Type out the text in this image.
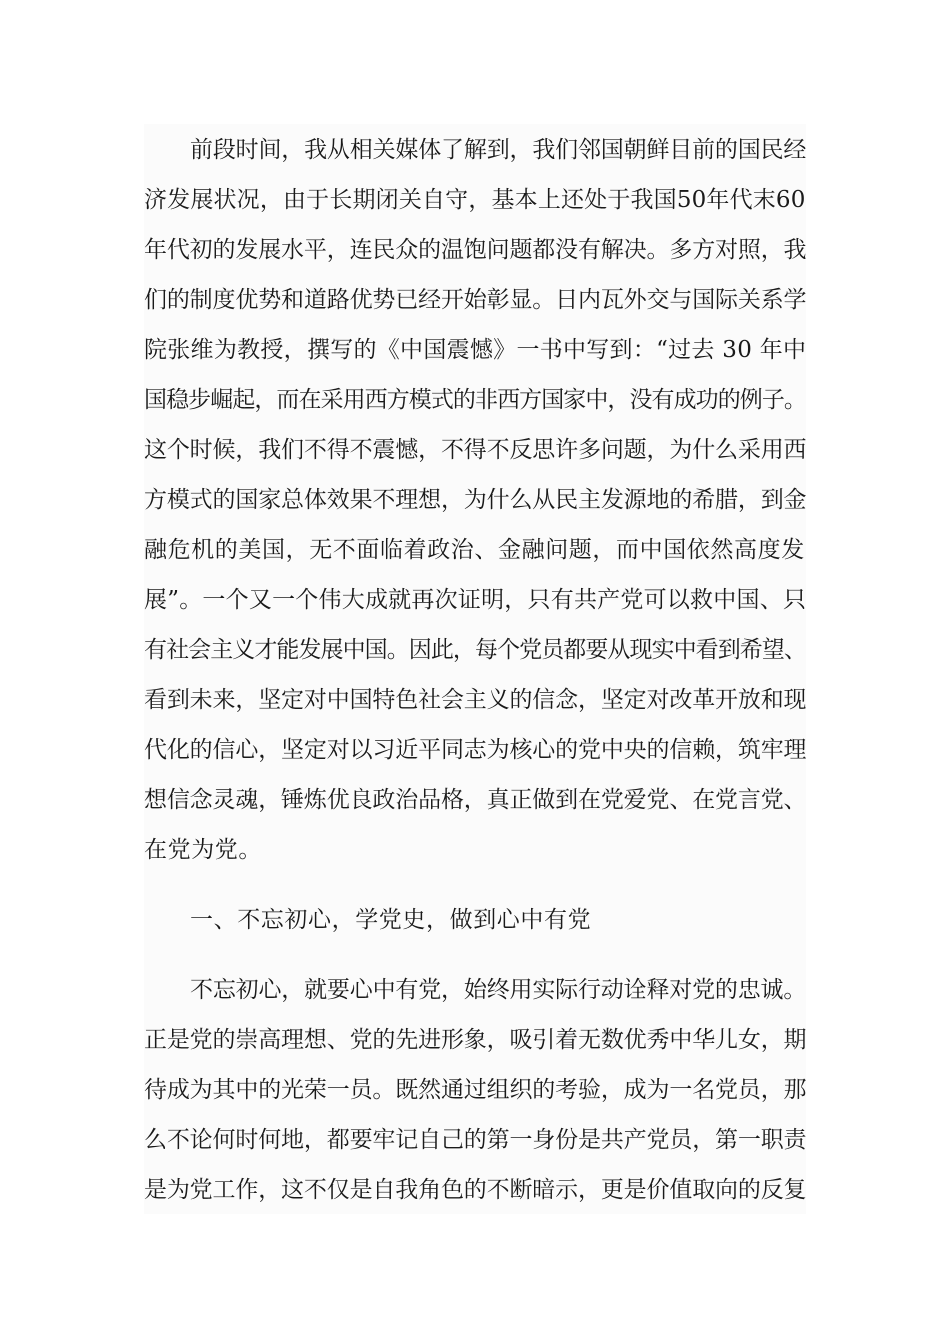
前段时间，我从相关媒体了解到，我们邻国朝鲜目前的国民经
济发展状况，由于长期闭关自守，基本上还处于我国50年代末60
年代初的发展水平，连民众的温饱问题都没有解决。多方对照，我
们的制度优势和道路优势已经开始彰显。日内瓦外交与国际关系学
院张维为教授，撰写的《中国震憾》一书中写到：“过去 30 年中
国稳步崛起，而在采用西方模式的非西方国家中，没有成功的例子。
这个时候，我们不得不震憾，不得不反思许多问题，为什么采用西
方模式的国家总体效果不理想，为什么从民主发源地的希腊，到金
融危机的美国，无不面临着政治、金融问题，而中国依然高度发
展”。一个又一个伟大成就再次证明，只有共产党可以救中国、只
有社会主义才能发展中国。因此，每个党员都要从现实中看到希望、
看到未来，坚定对中国特色社会主义的信念，坚定对改革开放和现
代化的信心，坚定对以习近平同志为核心的党中央的信赖，筑牢理
想信念灵魂，锤炼优良政治品格，真正做到在党爱党、在党言党、
在党为党。
一、不忘初心，学党史，做到心中有党
不忘初心，就要心中有党，始终用实际行动诠释对党的忠诚。
正是党的崇高理想、党的先进形象，吸引着无数优秀中华儿女，期
待成为其中的光荣一员。既然通过组织的考验，成为一名党员，那
么不论何时何地，都要牢记自己的第一身份是共产党员，第一职责
是为党工作，这不仅是自我角色的不断暗示，更是价值取向的反复
